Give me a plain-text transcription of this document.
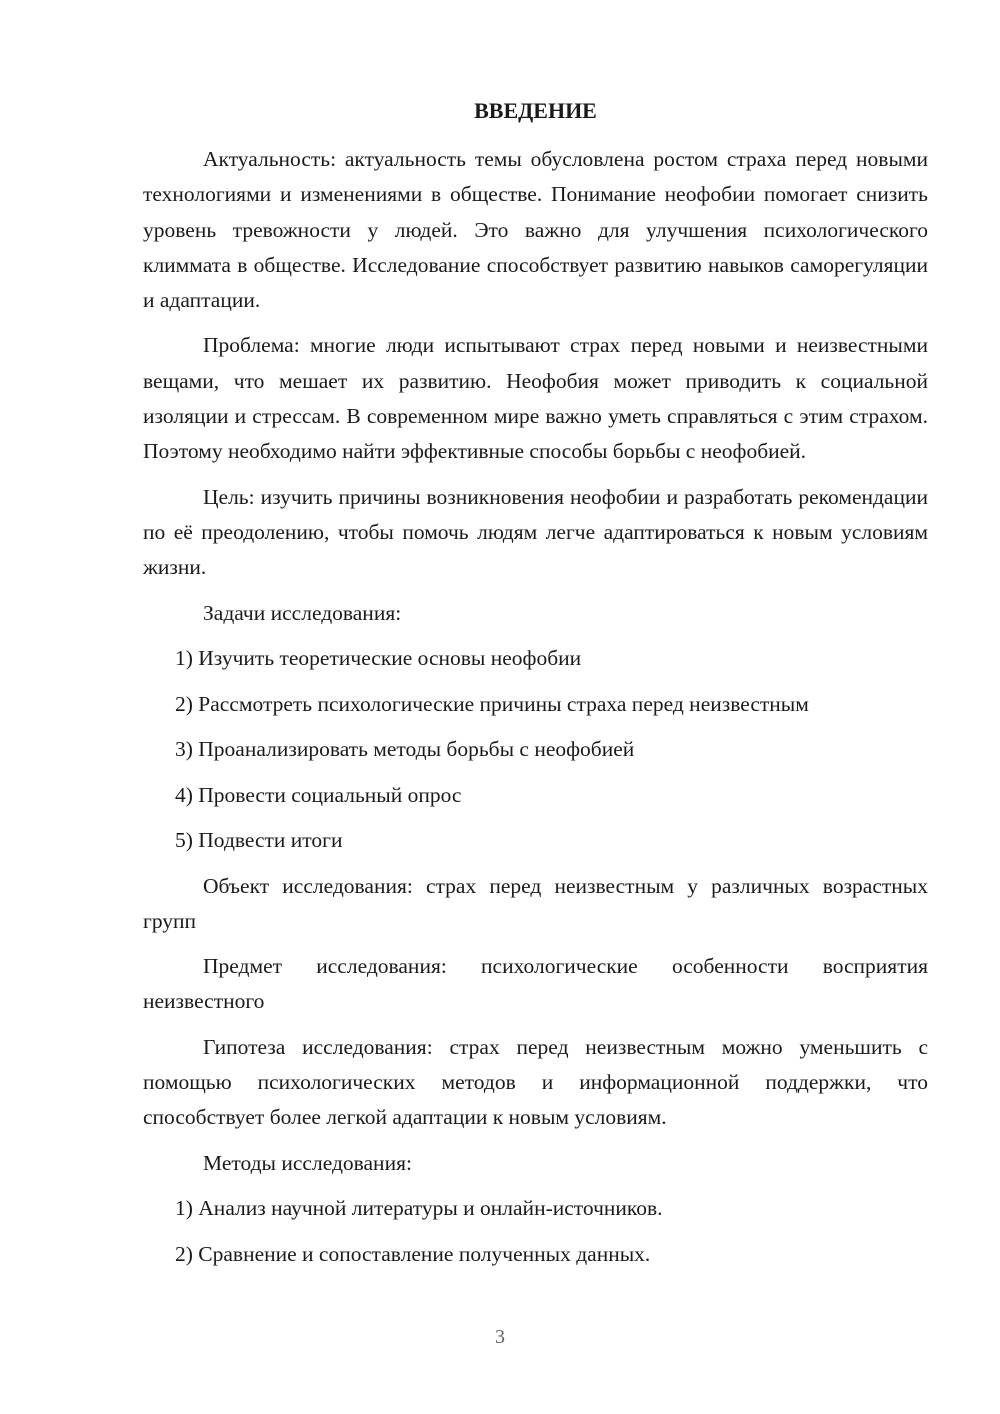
ВВЕДЕНИЕ

Актуальность: актуальность темы обусловлена ростом страха перед новыми технологиями и изменениями в обществе. Понимание неофобии помогает снизить уровень тревожности у людей. Это важно для улучшения психологического климмата в обществе. Исследование способствует развитию навыков саморегуляции и адаптации.

Проблема: многие люди испытывают страх перед новыми и неизвестными вещами, что мешает их развитию. Неофобия может приводить к социальной изоляции и стрессам. В современном мире важно уметь справляться с этим страхом. Поэтому необходимо найти эффективные способы борьбы с неофобией.

Цель: изучить причины возникновения неофобии и разработать рекомендации по её преодолению, чтобы помочь людям легче адаптироваться к новым условиям жизни.

Задачи исследования:

1) Изучить теоретические основы неофобии

2) Рассмотреть психологические причины страха перед неизвестным

3) Проанализировать методы борьбы с неофобией

4) Провести социальный опрос

5) Подвести итоги

Объект исследования: страх перед неизвестным у различных возрастных групп

Предмет исследования: психологические особенности восприятия неизвестного

Гипотеза исследования: страх перед неизвестным можно уменьшить с помощью психологических методов и информационной поддержки, что способствует более легкой адаптации к новым условиям.

Методы исследования:

1) Анализ научной литературы и онлайн-источников.

2) Сравнение и сопоставление полученных данных.

3
